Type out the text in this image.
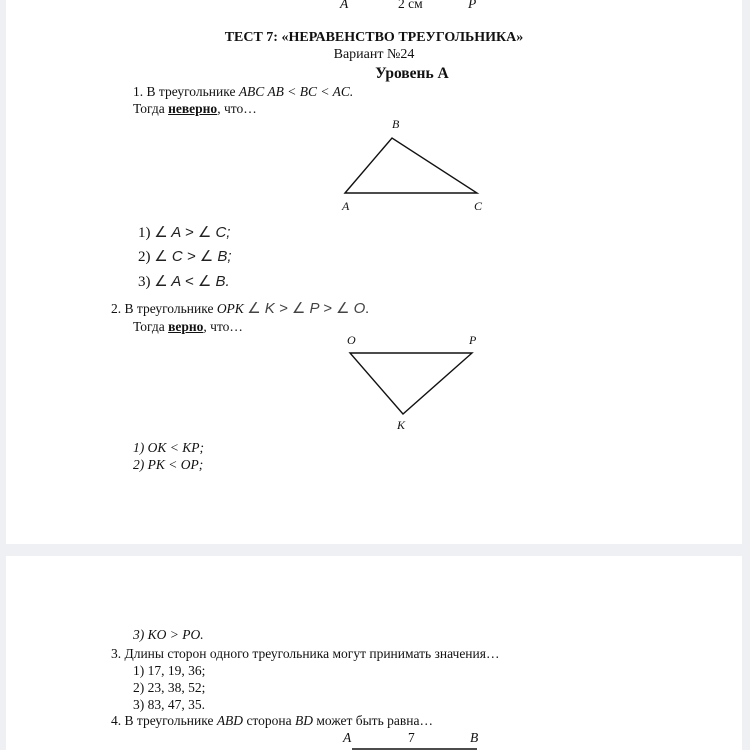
A	2 см	P
ТЕСТ 7: «НЕРАВЕНСТВО ТРЕУГОЛЬНИКА»
Вариант №24
Уровень А
1. В треугольнике ABC AB < BC < AC.
Тогда неверно, что…
B
A	C
1) ∠ A > ∠ C;
2) ∠ C > ∠ B;
3) ∠ A < ∠ B.
2. В треугольнике OPK ∠ K > ∠ P > ∠ O.
Тогда верно, что…
O	P
K
1) OK < KP;
2) PK < OP;
3) KO > PO.
3. Длины сторон одного треугольника могут принимать значения…
1) 17, 19, 36;
2) 23, 38, 52;
3) 83, 47, 35.
4. В треугольнике ABD сторона BD может быть равна…
A	7	B
